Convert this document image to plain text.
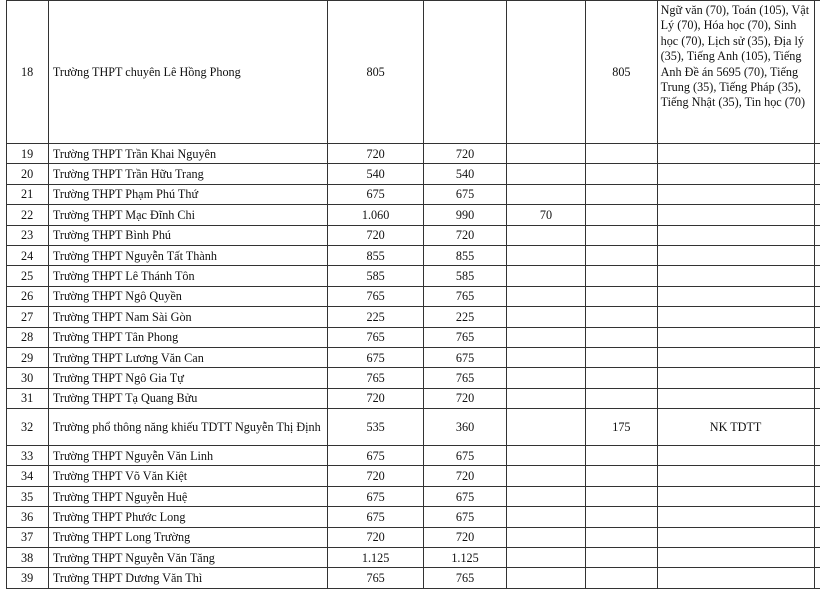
18	Trường THPT chuyên Lê Hồng Phong	805			805	Ngữ văn (70), Toán (105), Vật Lý (70), Hóa học (70), Sinh học (70), Lịch sử (35), Địa lý (35), Tiếng Anh (105), Tiếng Anh Đề án 5695 (70), Tiếng Trung (35), Tiếng Pháp (35), Tiếng Nhật (35), Tin học (70)	
19	Trường THPT Trần Khai Nguyên	720	720				
20	Trường THPT Trần Hữu Trang	540	540				
21	Trường THPT Phạm Phú Thứ	675	675				
22	Trường THPT Mạc Đĩnh Chi	1.060	990	70			
23	Trường THPT Bình Phú	720	720				
24	Trường THPT Nguyễn Tất Thành	855	855				
25	Trường THPT Lê Thánh Tôn	585	585				
26	Trường THPT Ngô Quyền	765	765				
27	Trường THPT Nam Sài Gòn	225	225				
28	Trường THPT Tân Phong	765	765				
29	Trường THPT Lương Văn Can	675	675				
30	Trường THPT Ngô Gia Tự	765	765				
31	Trường THPT Tạ Quang Bửu	720	720				
32	Trường phổ thông năng khiếu TDTT Nguyễn Thị Định	535	360		175	NK TDTT	
33	Trường THPT Nguyễn Văn Linh	675	675				
34	Trường THPT Võ Văn Kiệt	720	720				
35	Trường THPT Nguyễn Huệ	675	675				
36	Trường THPT Phước Long	675	675				
37	Trường THPT Long Trường	720	720				
38	Trường THPT Nguyễn Văn Tăng	1.125	1.125				
39	Trường THPT Dương Văn Thì	765	765				
